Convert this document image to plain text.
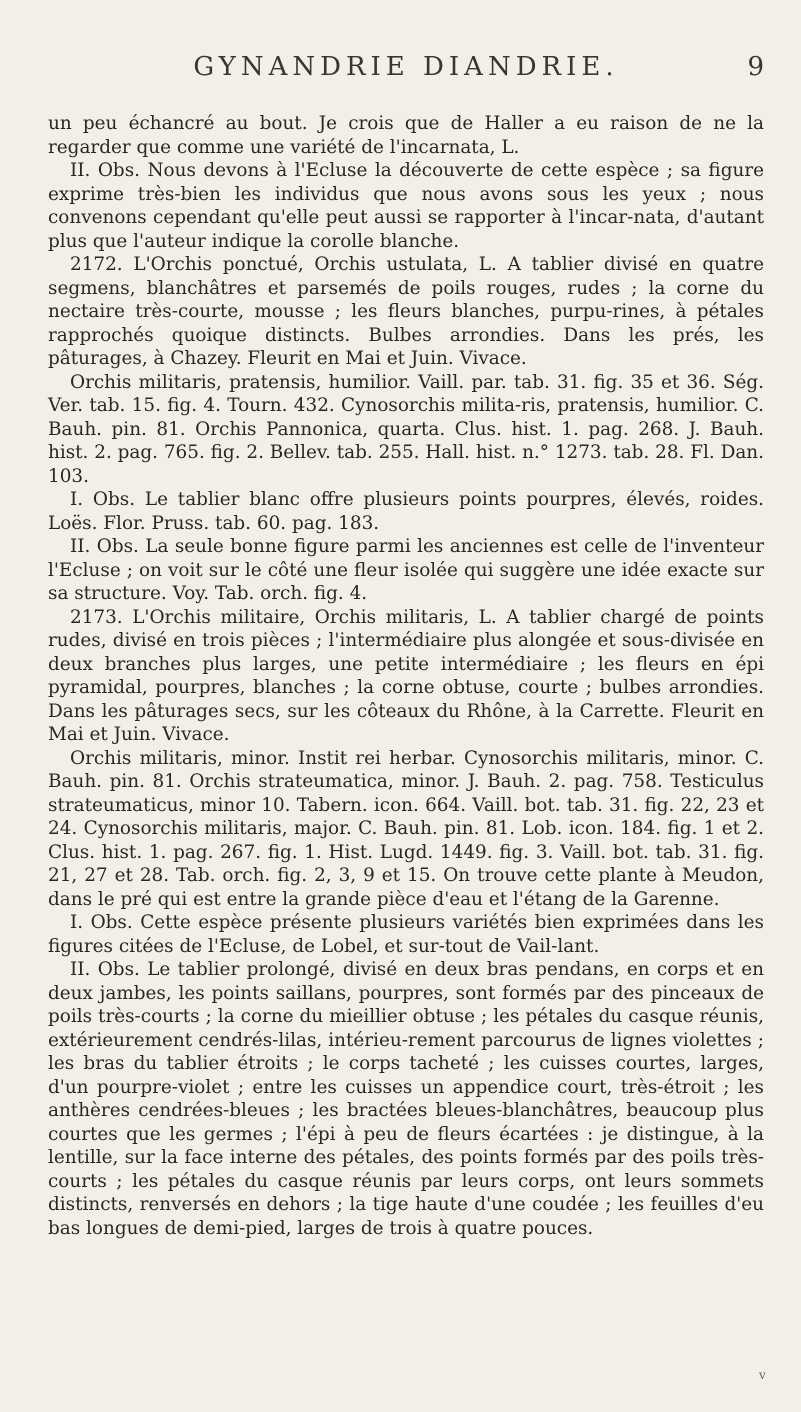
GYNANDRIE DIANDRIE.	9

un peu échancré au bout. Je crois que de Haller a eu raison de ne la regarder que comme une variété de l'incarnata, L.

II. Obs. Nous devons à l'Ecluse la découverte de cette espèce ; sa figure exprime très-bien les individus que nous avons sous les yeux ; nous convenons cependant qu'elle peut aussi se rapporter à l'incar-nata, d'autant plus que l'auteur indique la corolle blanche.

2172. L'Orchis ponctué, Orchis ustulata, L. A tablier divisé en quatre segmens, blanchâtres et parsemés de poils rouges, rudes ; la corne du nectaire très-courte, mousse ; les fleurs blanches, purpu-rines, à pétales rapprochés quoique distincts. Bulbes arrondies. Dans les prés, les pâturages, à Chazey. Fleurit en Mai et Juin. Vivace.

Orchis militaris, pratensis, humilior. Vaill. par. tab. 31. fig. 35 et 36. Ség. Ver. tab. 15. fig. 4. Tourn. 432. Cynosorchis milita-ris, pratensis, humilior. C. Bauh. pin. 81. Orchis Pannonica, quarta. Clus. hist. 1. pag. 268. J. Bauh. hist. 2. pag. 765. fig. 2. Bellev. tab. 255. Hall. hist. n.° 1273. tab. 28. Fl. Dan. 103.

I. Obs. Le tablier blanc offre plusieurs points pourpres, élevés, roides. Loës. Flor. Pruss. tab. 60. pag. 183.

II. Obs. La seule bonne figure parmi les anciennes est celle de l'inventeur l'Ecluse ; on voit sur le côté une fleur isolée qui suggère une idée exacte sur sa structure. Voy. Tab. orch. fig. 4.

2173. L'Orchis militaire, Orchis militaris, L. A tablier chargé de points rudes, divisé en trois pièces ; l'intermédiaire plus alongée et sous-divisée en deux branches plus larges, une petite intermédiaire ; les fleurs en épi pyramidal, pourpres, blanches ; la corne obtuse, courte ; bulbes arrondies. Dans les pâturages secs, sur les côteaux du Rhône, à la Carrette. Fleurit en Mai et Juin. Vivace.

Orchis militaris, minor. Instit rei herbar. Cynosorchis militaris, minor. C. Bauh. pin. 81. Orchis strateumatica, minor. J. Bauh. 2. pag. 758. Testiculus strateumaticus, minor 10. Tabern. icon. 664. Vaill. bot. tab. 31. fig. 22, 23 et 24. Cynosorchis militaris, major. C. Bauh. pin. 81. Lob. icon. 184. fig. 1 et 2. Clus. hist. 1. pag. 267. fig. 1. Hist. Lugd. 1449. fig. 3. Vaill. bot. tab. 31. fig. 21, 27 et 28. Tab. orch. fig. 2, 3, 9 et 15. On trouve cette plante à Meudon, dans le pré qui est entre la grande pièce d'eau et l'étang de la Garenne.

I. Obs. Cette espèce présente plusieurs variétés bien exprimées dans les figures citées de l'Ecluse, de Lobel, et sur-tout de Vail-lant.

II. Obs. Le tablier prolongé, divisé en deux bras pendans, en corps et en deux jambes, les points saillans, pourpres, sont formés par des pinceaux de poils très-courts ; la corne du mieillier obtuse ; les pétales du casque réunis, extérieurement cendrés-lilas, intérieu-rement parcourus de lignes violettes ; les bras du tablier étroits ; le corps tacheté ; les cuisses courtes, larges, d'un pourpre-violet ; entre les cuisses un appendice court, très-étroit ; les anthères cendrées-bleues ; les bractées bleues-blanchâtres, beaucoup plus courtes que les germes ; l'épi à peu de fleurs écartées : je distingue, à la lentille, sur la face interne des pétales, des points formés par des poils très-courts ; les pétales du casque réunis par leurs corps, ont leurs sommets distincts, renversés en dehors ; la tige haute d'une coudée ; les feuilles d'eu bas longues de demi-pied, larges de trois à quatre pouces.

v
